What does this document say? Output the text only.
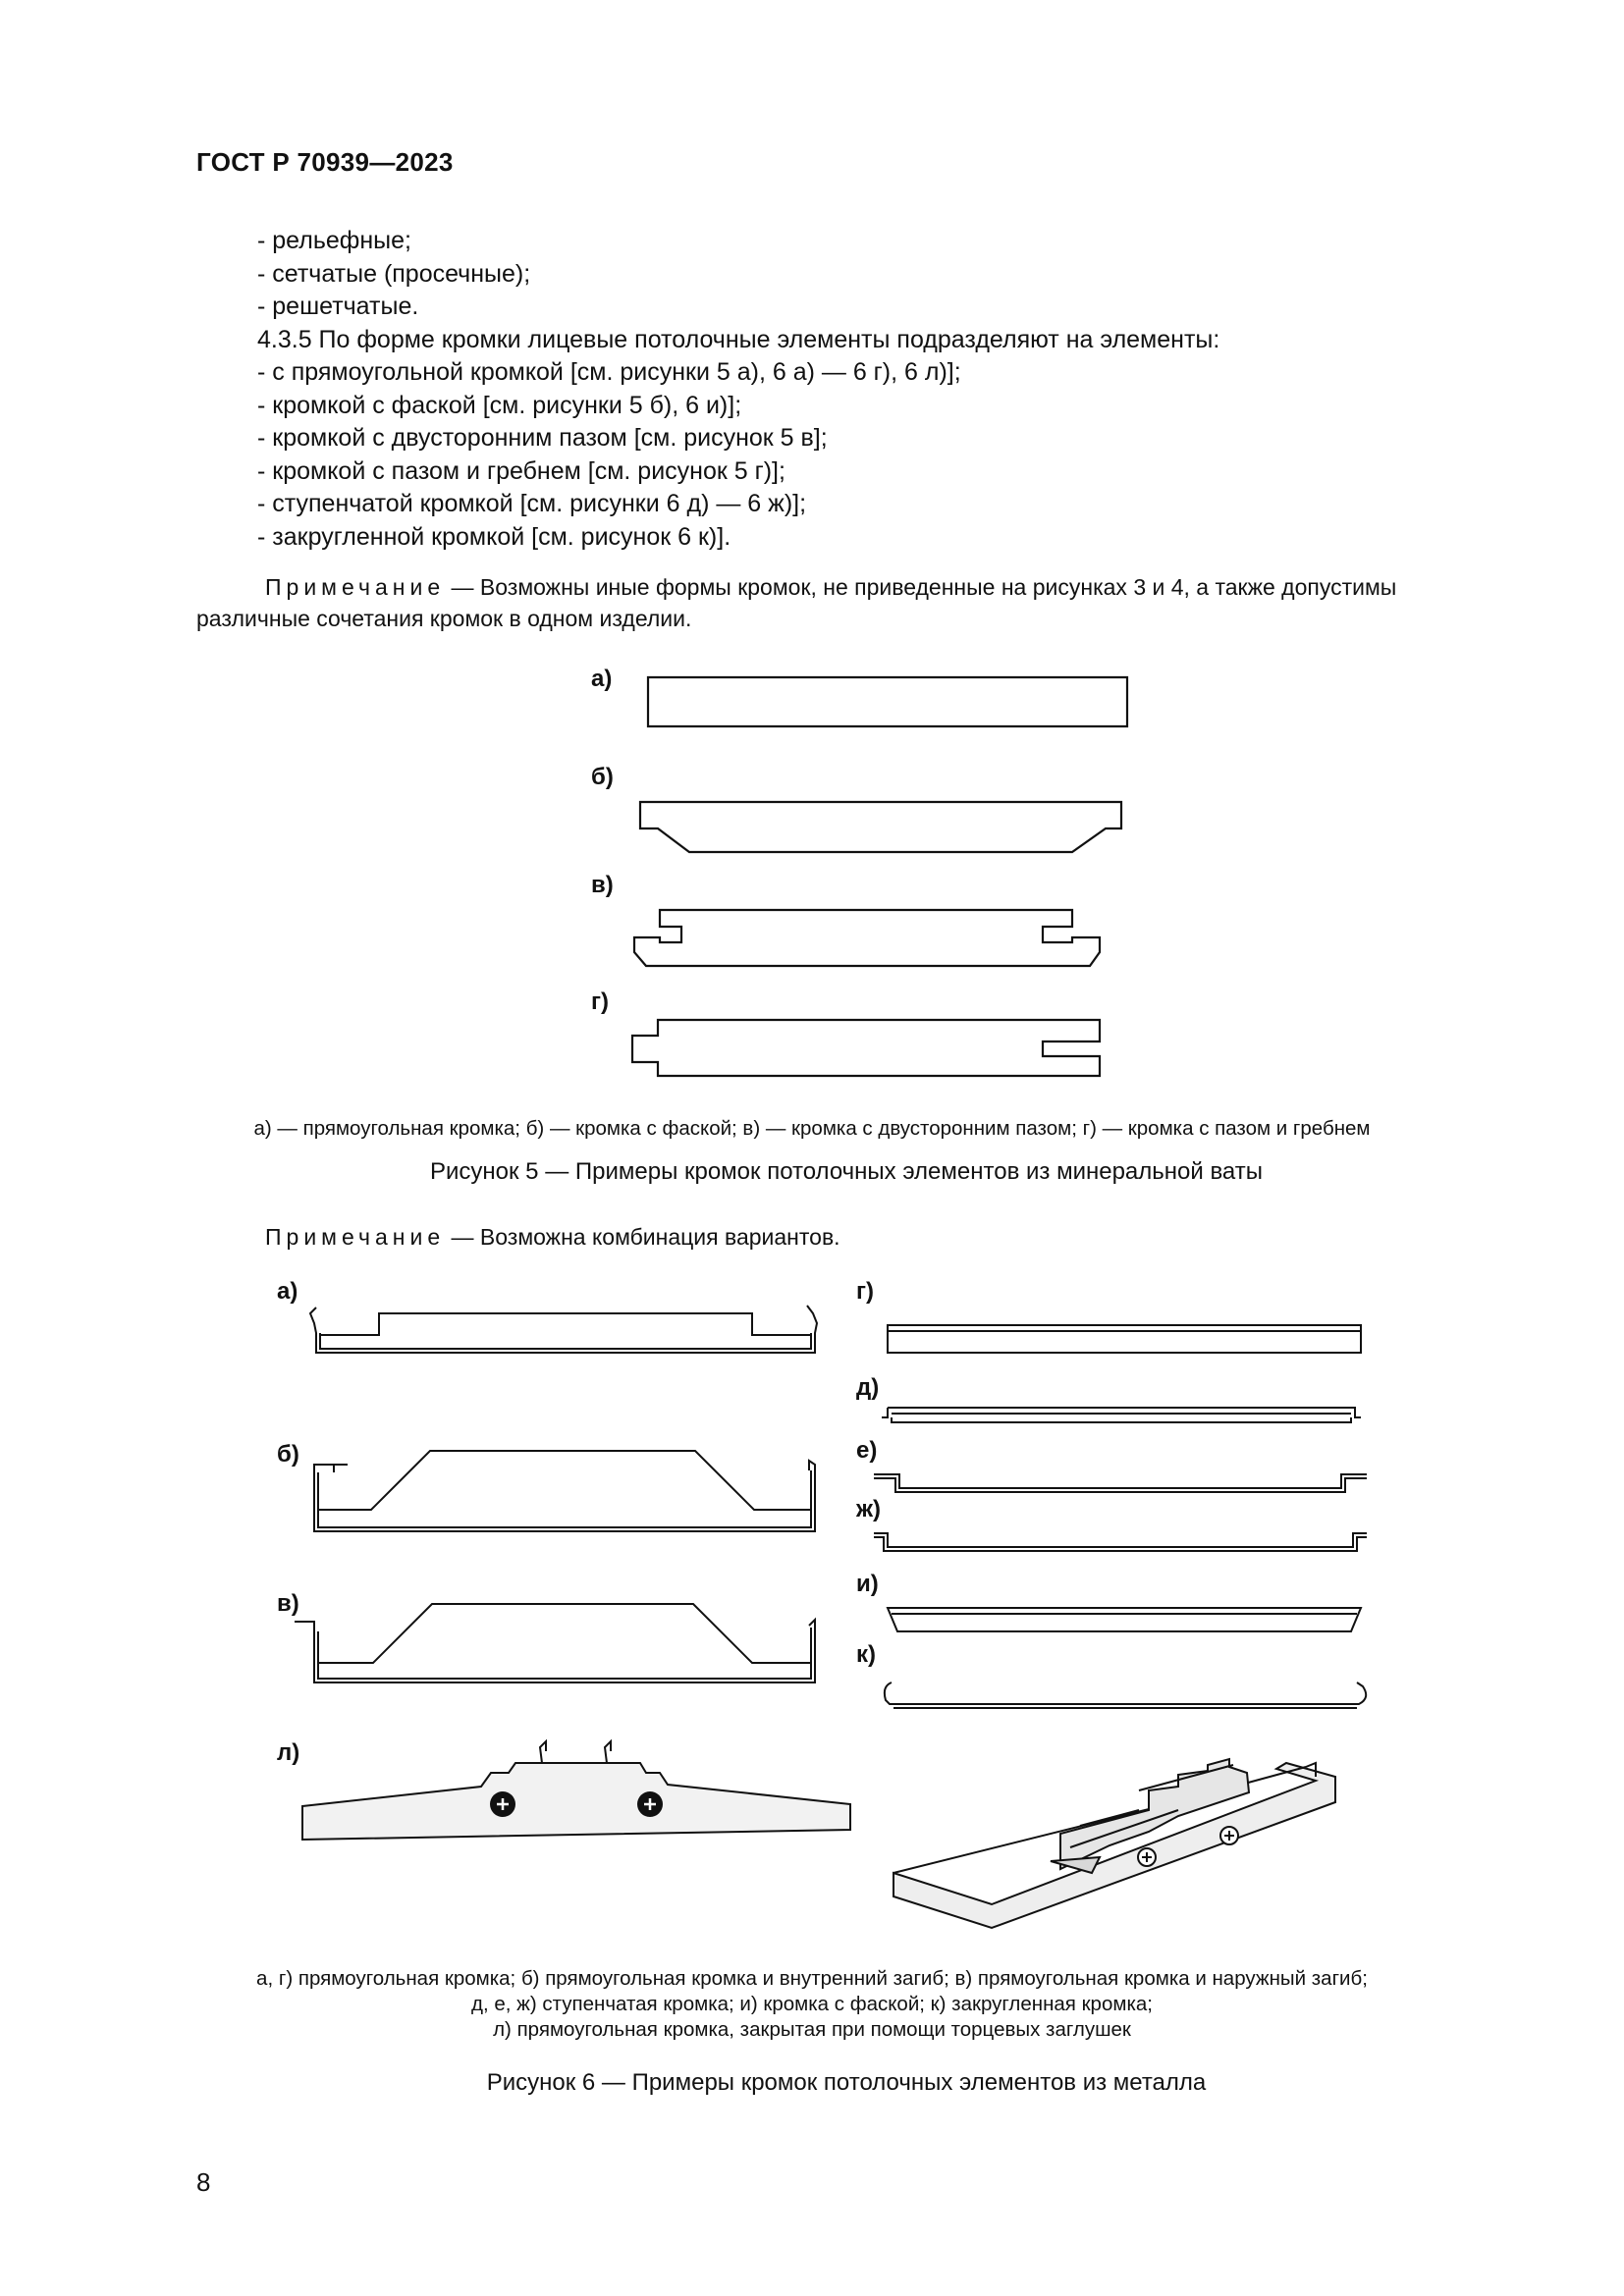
ГОСТ Р 70939—2023
- рельефные;
- сетчатые (просечные);
- решетчатые.
4.3.5 По форме кромки лицевые потолочные элементы подразделяют на элементы:
- с прямоугольной кромкой [см. рисунки 5 а), 6 а) — 6 г), 6 л)];
- кромкой с фаской [см. рисунки 5 б), 6 и)];
- кромкой с двусторонним пазом [см. рисунок 5 в];
- кромкой с пазом и гребнем [см. рисунок 5 г)];
- ступенчатой кромкой [см. рисунки 6 д) — 6 ж)];
- закругленной кромкой [см. рисунок 6 к)].
Примечание — Возможны иные формы кромок, не приведенные на рисунках 3 и 4, а также допустимы
различные сочетания кромок в одном изделии.
а)
б)
в)
г)
а) — прямоугольная кромка; б) — кромка с фаской; в) — кромка с двусторонним пазом; г) — кромка с пазом и гребнем
Рисунок 5 — Примеры кромок потолочных элементов из минеральной ваты
Примечание — Возможна комбинация вариантов.
а)
б)
в)
л)
г)
д)
е)
ж)
и)
к)
а, г) прямоугольная кромка; б) прямоугольная кромка и внутренний загиб; в) прямоугольная кромка и наружный загиб;
д, е, ж) ступенчатая кромка; и) кромка с фаской; к) закругленная кромка;
л) прямоугольная кромка, закрытая при помощи торцевых заглушек
Рисунок 6 — Примеры кромок потолочных элементов из металла
8
